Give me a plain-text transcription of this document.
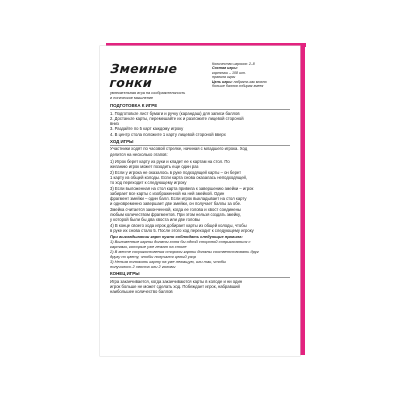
Змеиные гонки
увлекательная игра на сообразительность
и логическое мышление
Количество игроков: 2–8
Состав игры:
карточки – 108 шт.
правила игры
Цель игры: набрать как можно
больше баллов собирая змеек
ПОДГОТОВКА К ИГРЕ

1. Подготовьте лист бумаги и ручку (карандаш) для записи баллов

2. Достаньте карты, перемешайте их и разложите лицевой стороной

вниз

3. Раздайте по 5 карт каждому игроку

4. В центр стола положите 1 карту лицевой стороной вверх

ХОД ИГРЫ

Участники ходят по часовой стрелке, начиная с младшего игрока. Ход

делится на несколько этапов:

1) Игрок берет карту из руки и кладет ее к картам на стол. По

желанию игрок может позодить еще один раз

2) Если у игрока не оказалось в руке подходящей карты – он берет

1 карту из общей колоды. Если карта снова оказалась неподходящей,

то ход переходит к следующему игроку

3) Если выложенная на стол карта привела к завершению змейки – игрок

забирает все карты с изображенной на ней змейкой. Один

фрагмент змейки – один балл. Если игрок выкладывает на стол карту

и одновременно завершает две змейки, он получает баллы за обе.

Змейка считается законченной, когда ее голова и хвост соединены

любым количеством фрагментов. При этом нельзя создать змейку,

у которой были бы два хвоста или две головы

4) В конце своего хода игрок добирает карты из общей колоды, чтобы

в руке их снова стало 5. После этого ход переходит к следующему игроку

При выкладывании карт нужно соблюдать следующие правила:

1) Выложенные карты должны хотя бы одной стороной соприкасаться с

картами, которые уже лежат на столе

2) В месте соприкосновения стороны карты должны соответствовать друг

другу по цвету, чтобы получался целый узор

3) Нельзя положить карту на уже лежащую, или так, чтобы

получилось 2 хвоста или 2 головы

КОНЕЦ ИГРЫ

Игра заканчивается, когда заканчиваются карты в колоде и ни один

игрок больше не может сделать ход. Побеждает игрок, набравший

наибольшее количество баллов
